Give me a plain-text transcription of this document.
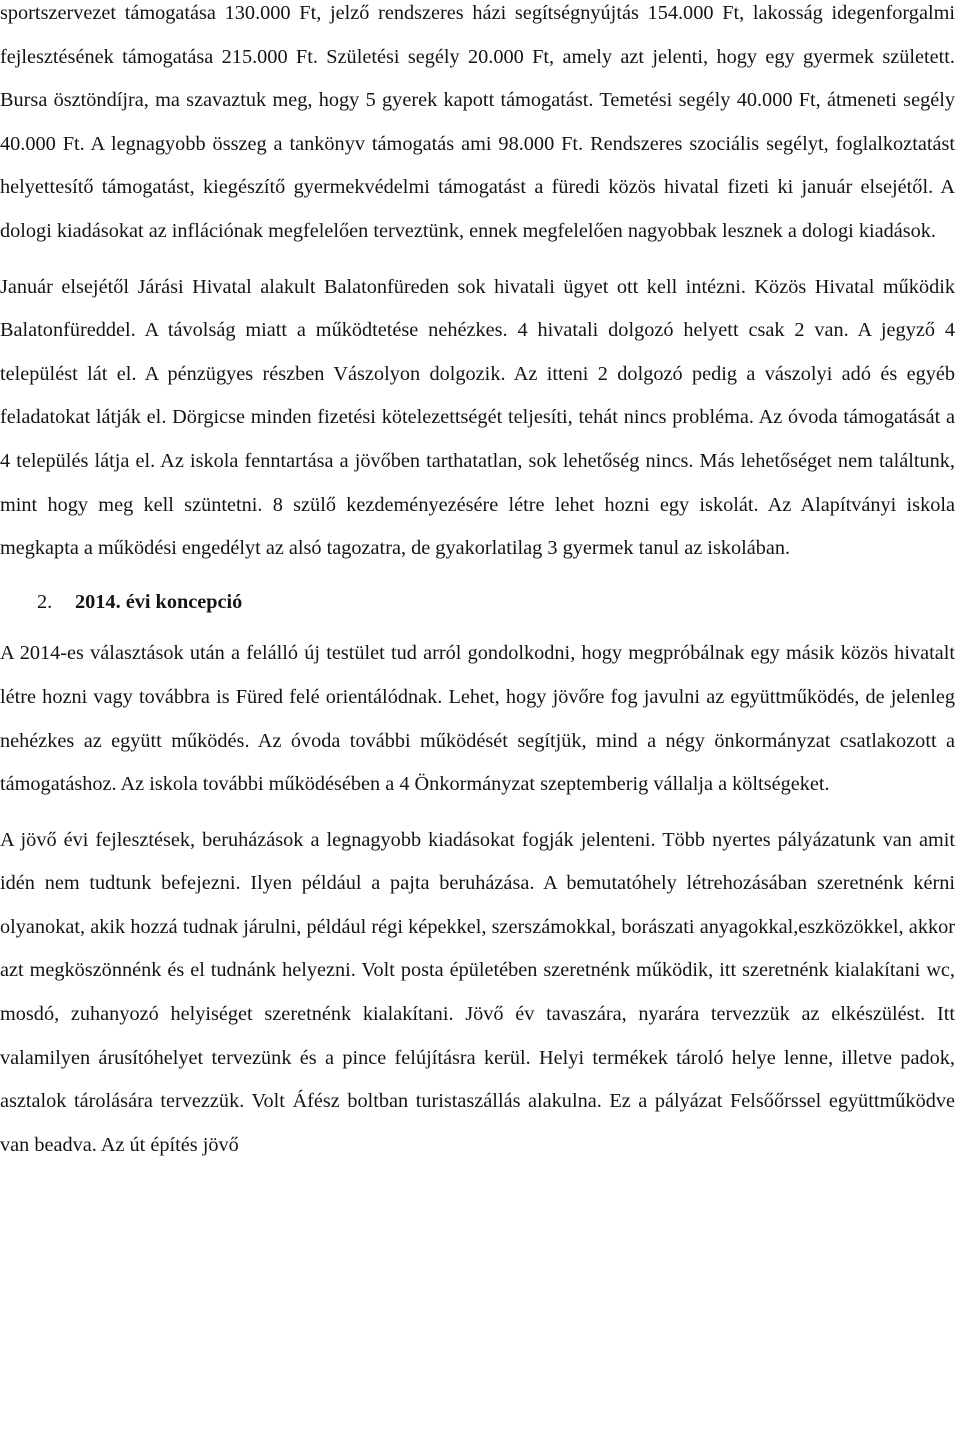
sportszervezet támogatása 130.000 Ft, jelző rendszeres házi segítségnyújtás 154.000 Ft, lakosság idegenforgalmi fejlesztésének támogatása 215.000 Ft. Születési segély 20.000 Ft, amely azt jelenti, hogy egy gyermek született. Bursa ösztöndíjra, ma szavaztuk meg, hogy 5 gyerek kapott támogatást. Temetési segély 40.000 Ft, átmeneti segély 40.000 Ft. A legnagyobb összeg a tankönyv támogatás ami 98.000 Ft. Rendszeres szociális segélyt, foglalkoztatást helyettesítő támogatást, kiegészítő gyermekvédelmi támogatást a füredi közös hivatal fizeti ki január elsejétől. A dologi kiadásokat az inflációnak megfelelően terveztünk, ennek megfelelően nagyobbak lesznek a dologi kiadások.

Január elsejétől Járási Hivatal alakult Balatonfüreden sok hivatali ügyet ott kell intézni. Közös Hivatal működik Balatonfüreddel. A távolság miatt a működtetése nehézkes. 4 hivatali dolgozó helyett csak 2 van. A jegyző 4 települést lát el. A pénzügyes részben Vászolyon dolgozik. Az itteni 2 dolgozó pedig a vászolyi adó és egyéb feladatokat látják el. Dörgicse minden fizetési kötelezettségét teljesíti, tehát nincs probléma. Az óvoda támogatását a 4 település látja el. Az iskola fenntartása a jövőben tarthatatlan, sok lehetőség nincs. Más lehetőséget nem találtunk, mint hogy meg kell szüntetni. 8 szülő kezdeményezésére létre lehet hozni egy iskolát. Az Alapítványi iskola megkapta a működési engedélyt az alsó tagozatra, de gyakorlatilag 3 gyermek tanul az iskolában.

2. 2014. évi koncepció

A 2014-es választások után a felálló új testület tud arról gondolkodni, hogy megpróbálnak egy másik közös hivatalt létre hozni vagy továbbra is Füred felé orientálódnak. Lehet, hogy jövőre fog javulni az együttműködés, de jelenleg nehézkes az együtt működés. Az óvoda további működését segítjük, mind a négy önkormányzat csatlakozott a támogatáshoz. Az iskola további működésében a 4 Önkormányzat szeptemberig vállalja a költségeket.

A jövő évi fejlesztések, beruházások a legnagyobb kiadásokat fogják jelenteni. Több nyertes pályázatunk van amit idén nem tudtunk befejezni. Ilyen például a pajta beruházása. A bemutatóhely létrehozásában szeretnénk kérni olyanokat, akik hozzá tudnak járulni, például régi képekkel, szerszámokkal, borászati anyagokkal,eszközökkel, akkor azt megköszönnénk és el tudnánk helyezni. Volt posta épületében szeretnénk működik, itt szeretnénk kialakítani wc, mosdó, zuhanyozó helyiséget szeretnénk kialakítani. Jövő év tavaszára, nyarára tervezzük az elkészülést. Itt valamilyen árusítóhelyet tervezünk és a pince felújításra kerül. Helyi termékek tároló helye lenne, illetve padok, asztalok tárolására tervezzük. Volt Áfész boltban turistaszállás alakulna. Ez a pályázat Felsőőrssel együttműködve van beadva. Az út építés jövő
